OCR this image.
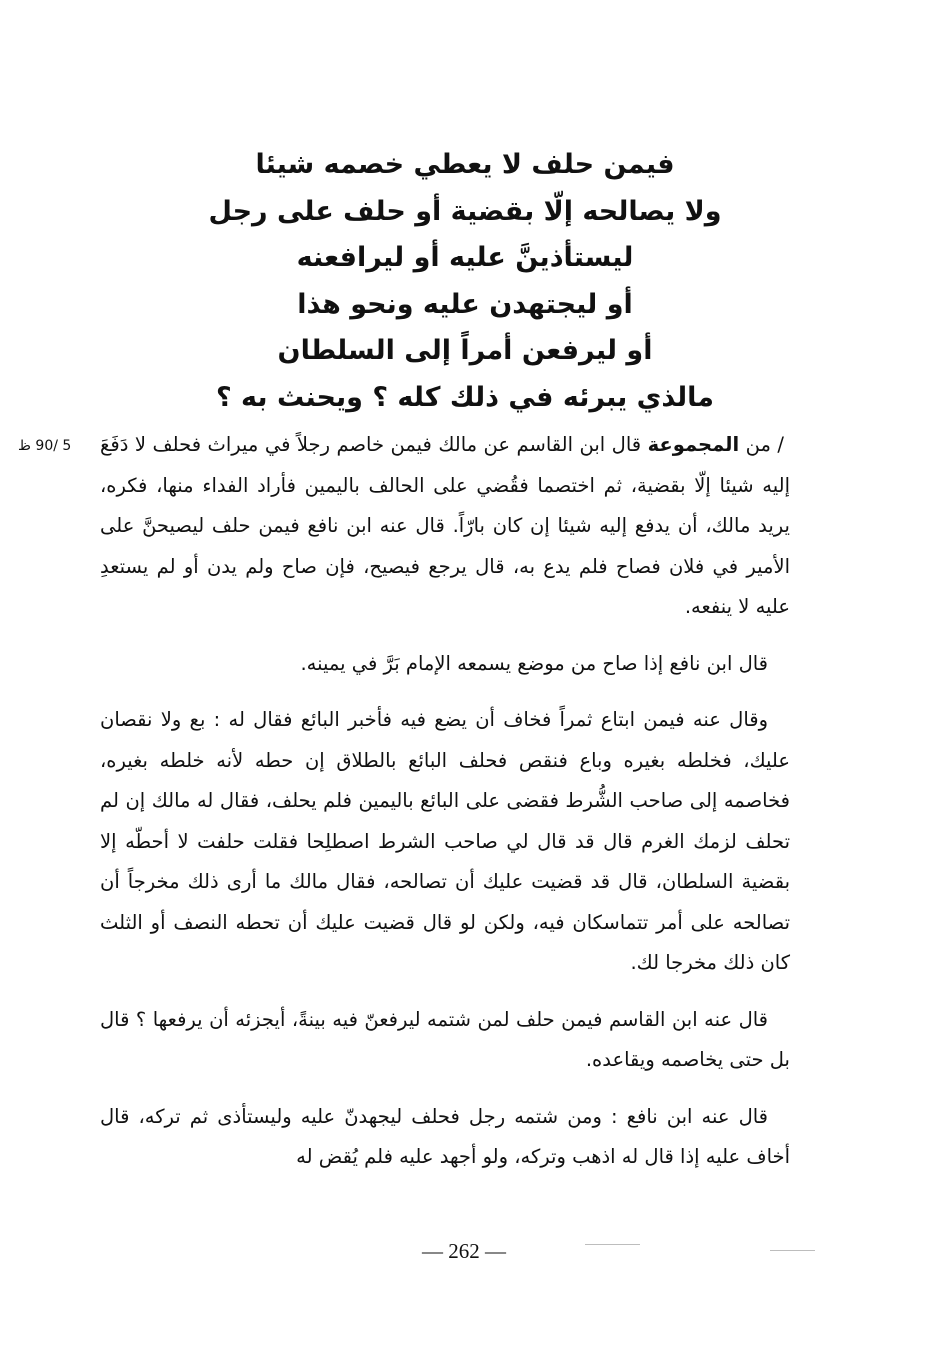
فيمن حلف لا يعطي خصمه شيئا
ولا يصالحه إلّا بقضية أو حلف على رجل
ليستأذينَّ عليه أو ليرافعنه
أو ليجتهدن عليه ونحو هذا
أو ليرفعن أمراً إلى السلطان
مالذي يبرئه في ذلك كله ؟ ويحنث به ؟
5 /90 ظ	/ من المجموعة قال ابن القاسم عن مالك فيمن خاصم رجلاً في ميراث فحلف لا دَفَعَ إليه شيئا إلّا بقضية، ثم اختصما فقُضي على الحالف باليمين فأراد الفداء منها، فكره، يريد مالك، أن يدفع إليه شيئا إن كان بارّاً. قال عنه ابن نافع فيمن حلف ليصيحنَّ على الأمير في فلان فصاح فلم يدع به، قال يرجع فيصيح، فإن صاح ولم يدن أو لم يستعدِ عليه لا ينفعه.

قال ابن نافع إذا صاح من موضع يسمعه الإمام بَرَّ في يمينه.

وقال عنه فيمن ابتاع ثمراً فخاف أن يضع فيه فأخبر البائع فقال له : بع ولا نقصان عليك، فخلطه بغيره وباع فنقص فحلف البائع بالطلاق إن حطه لأنه خلطه بغيره، فخاصمه إلى صاحب الشُّرط فقضى على البائع باليمين فلم يحلف، فقال له مالك إن لم تحلف لزمك الغرم قال قد قال لي صاحب الشرط اصطلِحا فقلت حلفت لا أحطّه إلا بقضية السلطان، قال قد قضيت عليك أن تصالحه، فقال مالك ما أرى ذلك مخرجاً أن تصالحه على أمر تتماسكان فيه، ولكن لو قال قضيت عليك أن تحطه النصف أو الثلث كان ذلك مخرجا لك.

قال عنه ابن القاسم فيمن حلف لمن شتمه ليرفعنّ فيه بينةً، أيجزئه أن يرفعها ؟ قال بل حتى يخاصمه ويقاعده.

قال عنه ابن نافع : ومن شتمه رجل فحلف ليجهدنّ عليه وليستأذى ثم تركه، قال أخاف عليه إذا قال له اذهب وتركه، ولو أجهد عليه فلم يُقض له

— 262 —
